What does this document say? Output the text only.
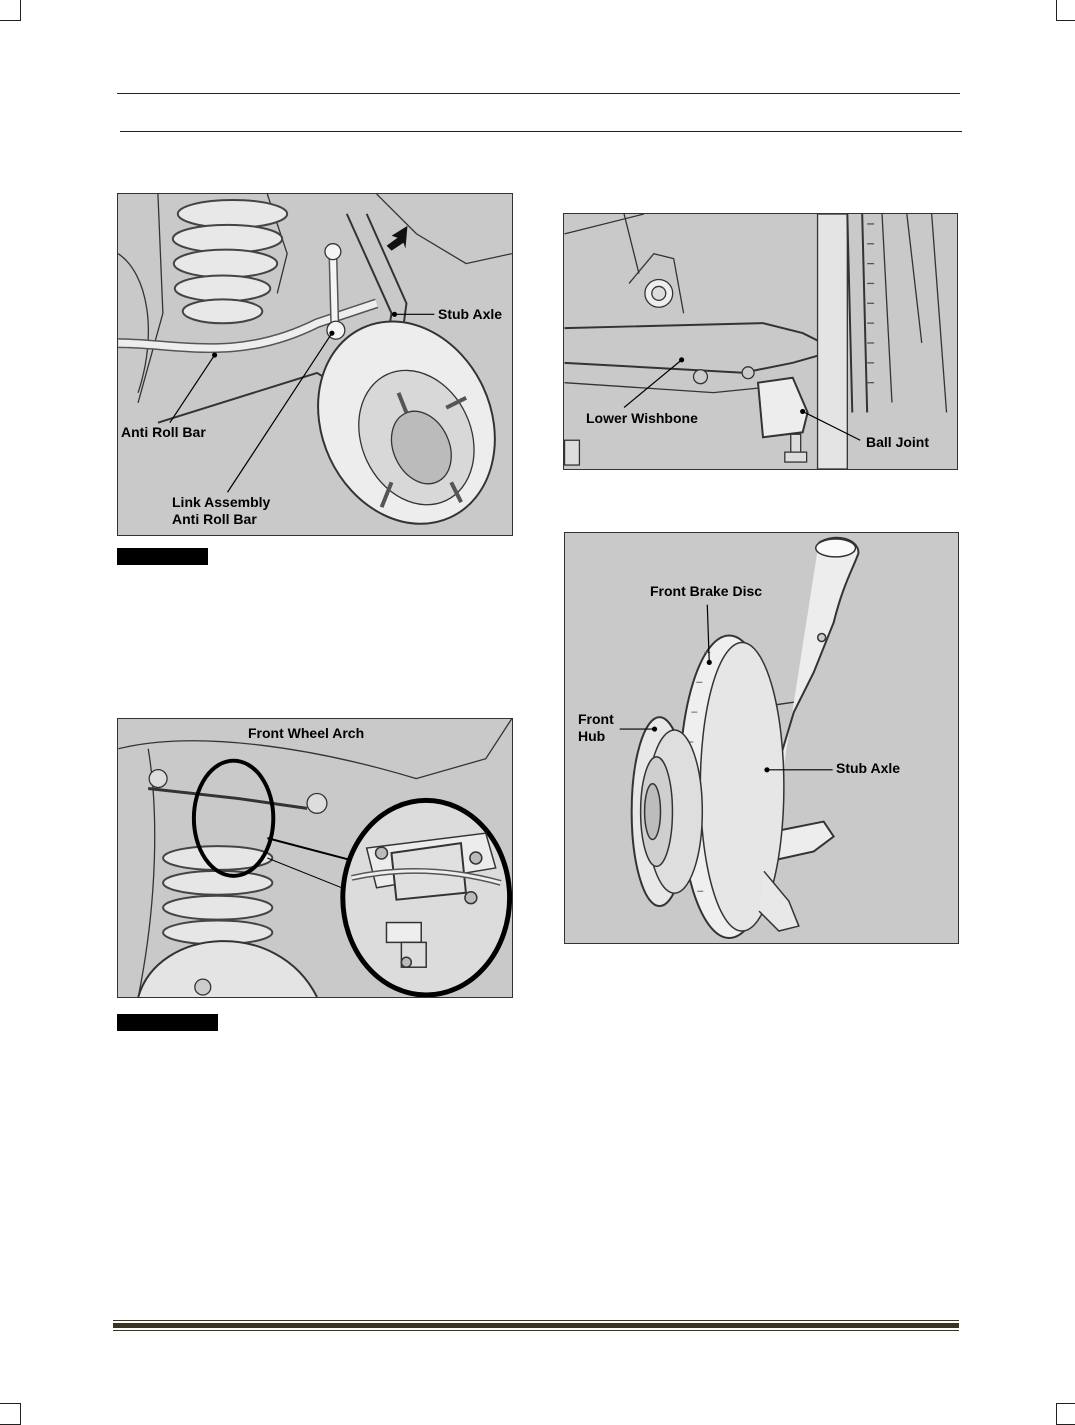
Stub Axle
Anti Roll Bar
Link Assembly
Anti Roll Bar
Lower Wishbone
Ball Joint
Front Wheel Arch
Front Brake Disc
Front
Hub
Stub Axle
